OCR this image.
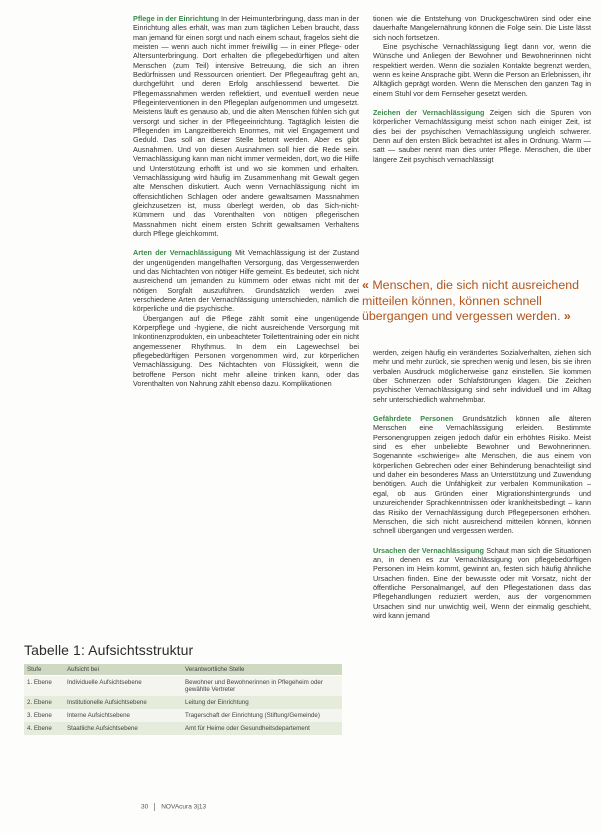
Pflege in der Einrichtung In der Heimunterbringung, dass man in der Einrichtung alles erhält, was man zum täglichen Leben braucht, dass man jemand für einen sorgt und nach einem schaut, fragelos sieht die meisten — wenn auch nicht immer freiwillig — in einer Pflege- oder Altersunterbringung. Dort erhalten die pflegebedürftigen und alten Menschen (zum Teil) intensive Betreuung, die sich an ihren Bedürfnissen und Ressourcen orientiert. Der Pflegeauftrag geht an, durchgeführt und deren Erfolg anschliessend bewertet. Die Pflegemassnahmen werden reflektiert, und eventuell werden neue Pflegeinterventionen in den Pflegeplan aufgenommen und umgesetzt. Meistens läuft es genauso ab, und die alten Menschen fühlen sich gut versorgt und sicher in der Pflegeeinrichtung. Tagtäglich leisten die Pflegenden im Langzeitbereich Enormes, mit viel Engagement und Geduld. Das soll an dieser Stelle betont werden. Aber es gibt Ausnahmen. Und von diesen Ausnahmen soll hier die Rede sein. Vernachlässigung kann man nicht immer vermeiden, dort, wo die Hilfe und Unterstützung erhofft ist und wo sie kommen und erhalten. Vernachlässigung wird häufig im Zusammenhang mit Gewalt gegen alte Menschen diskutiert. Auch wenn Vernachlässigung nicht im offensichtlichen Schlagen oder andere gewaltsamen Massnahmen gleichzusetzen ist, muss überlegt werden, ob das Sich-nicht-Kümmern und das Vorenthalten von nötigen pflegerischen Massnahmen nicht einem ersten Schritt gewaltsamen Verhaltens durch Pflege gleichkommt.

Arten der Vernachlässigung Mit Vernachlässigung ist der Zustand der ungenügenden mangelhaften Versorgung, das Vergessenwerden und das Nichtachten von nötiger Hilfe gemeint. Es bedeutet, sich nicht ausreichend um jemanden zu kümmern oder etwas nicht mit der nötigen Sorgfalt auszuführen. Grundsätzlich werden zwei verschiedene Arten der Vernachlässigung unterschieden, nämlich die körperliche und die psychische.

Übergangen auf die Pflege zählt somit eine ungenügende Körperpflege und -hygiene, die nicht ausreichende Versorgung mit Inkontinenzprodukten, ein unbeachteter Toilettentraining oder ein nicht angemessener Rhythmus. In dem ein Lagewechsel bei pflegebedürftigen Personen vorgenommen wird, zur körperlichen Vernachlässigung. Des Nichtachten von Flüssigkeit, wenn die betroffene Person nicht mehr alleine trinken kann, oder das Vorenthalten von Nahrung zählt ebenso dazu. Komplikationen

tionen wie die Entstehung von Druckgeschwüren sind oder eine dauerhafte Mangelernährung können die Folge sein. Die Liste lässt sich noch fortsetzen.

Eine psychische Vernachlässigung liegt dann vor, wenn die Wünsche und Anliegen der Bewohner und Bewohnerinnen nicht respektiert werden. Wenn die sozialen Kontakte begrenzt werden, wenn es keine Ansprache gibt. Wenn die Person an Erlebnissen, ihr Alltäglich geprägt worden. Wenn die Menschen den ganzen Tag in einem Stuhl vor dem Fernseher gesetzt werden.

Zeichen der Vernachlässigung Zeigen sich die Spuren von körperlicher Vernachlässigung meist schon nach einiger Zeit, ist dies bei der psychischen Vernachlässigung ungleich schwerer. Denn auf den ersten Blick betrachtet ist alles in Ordnung. Warm — satt — sauber nennt man dies unter Pflege. Menschen, die über längere Zeit psychisch vernachlässigt

« Menschen, die sich nicht ausreichend mitteilen können, können schnell übergangen und vergessen werden. »

werden, zeigen häufig ein verändertes Sozialverhalten, ziehen sich mehr und mehr zurück, sie sprechen wenig und lesen, bis sie ihren verbalen Ausdruck möglicherweise ganz einstellen. Sie kommen über Schmerzen oder Schlafstörungen klagen. Die Zeichen psychischer Vernachlässigung sind sehr individuell und im Alltag sehr unterschiedlich wahrnehmbar.

Gefährdete Personen Grundsätzlich können alle älteren Menschen eine Vernachlässigung erleiden. Bestimmte Personengruppen zeigen jedoch dafür ein erhöhtes Risiko. Meist sind es eher unbeliebte Bewohner und Bewohnerinnen. Sogenannte «schwierige» alte Menschen, die aus einem von körperlichen Gebrechen oder einer Behinderung benachteiligt sind und daher ein besonderes Mass an Unterstützung und Zuwendung benötigen. Auch die Unfähigkeit zur verbalen Kommunikation – egal, ob aus Gründen einer Migrationshintergrunds und unzureichender Sprachkenntnissen oder krankheitsbedingt – kann das Risiko der Vernachlässigung durch Pflegepersonen erhöhen. Menschen, die sich nicht ausreichend mitteilen können, können schnell übergangen und vergessen werden.

Ursachen der Vernachlässigung Schaut man sich die Situationen an, in denen es zur Vernachlässigung von pflegebedürftigen Personen im Heim kommt, gewinnt an, festen sich häufig ähnliche Ursachen finden. Eine der bewusste oder mit Vorsatz, nicht der öffentliche Personalmangel, auf den Pflegestationen dass das Pflegehandlungen reduziert werden, aus der vorgenommen Ursachen sind nur unwichtig weil, Wenn der einmalig geschieht, wird kann jemand

Tabelle 1: Aufsichtsstruktur
Stufe	Aufsicht bei	Verantwortliche Stelle
1. Ebene	Individuelle Aufsichtsebene	Bewohner und Bewohnerinnen in Pflegeheim oder gewählte Vertreter
2. Ebene	Institutionelle Aufsichtsebene	Leitung der Einrichtung
3. Ebene	Interne Aufsichtsebene	Tragerschaft der Einrichtung (Stiftung/Gemeinde)
4. Ebene	Staatliche Aufsichtsebene	Amt für Heime oder Gesundheitsdepartement
30 NOVAcura 3|13
